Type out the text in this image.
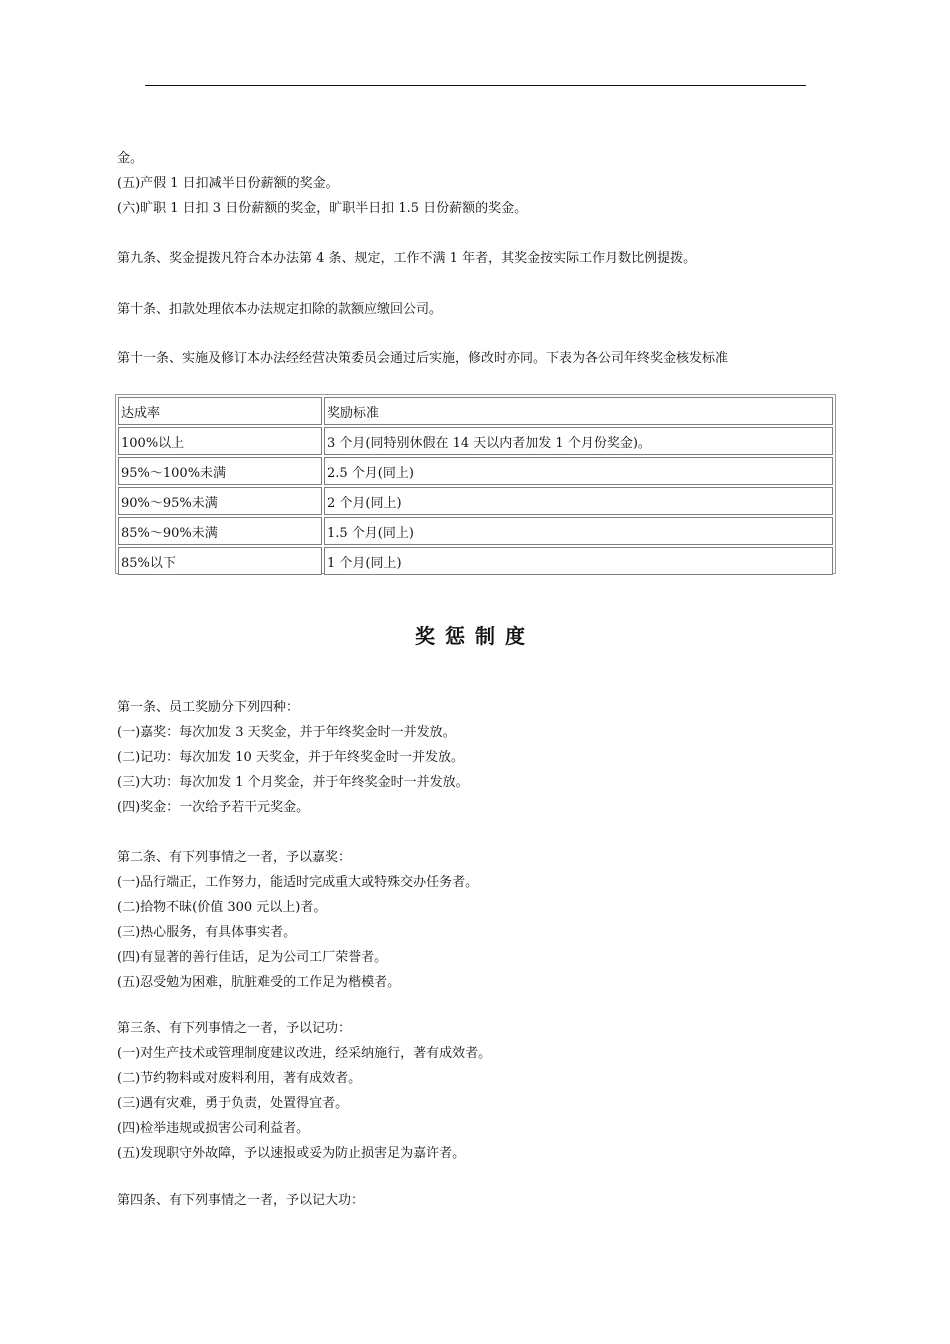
金。
(五)产假 1 日扣减半日份薪额的奖金。
(六)旷职 1 日扣 3 日份薪额的奖金，旷职半日扣 1.5 日份薪额的奖金。
第九条、奖金提拨凡符合本办法第 4 条、规定，工作不满 1 年者，其奖金按实际工作月数比例提拨。
第十条、扣款处理依本办法规定扣除的款额应缴回公司。
第十一条、实施及修订本办法经经营决策委员会通过后实施，修改时亦同。下表为各公司年终奖金核发标准
达成率	奖励标准
100%以上	3 个月(同特别休假在 14 天以内者加发 1 个月份奖金)。
95%～100%未满	2.5 个月(同上)
90%～95%未满	2 个月(同上)
85%～90%未满	1.5 个月(同上)
85%以下	1 个月(同上)
奖惩制度
第一条、员工奖励分下列四种：
(一)嘉奖：每次加发 3 天奖金，并于年终奖金时一并发放。
(二)记功：每次加发 10 天奖金，并于年终奖金时一并发放。
(三)大功：每次加发 1 个月奖金，并于年终奖金时一并发放。
(四)奖金：一次给予若干元奖金。
第二条、有下列事情之一者，予以嘉奖：
(一)品行端正，工作努力，能适时完成重大或特殊交办任务者。
(二)拾物不昧(价值 300 元以上)者。
(三)热心服务，有具体事实者。
(四)有显著的善行佳话，足为公司工厂荣誉者。
(五)忍受勉为困难，肮脏难受的工作足为楷模者。
第三条、有下列事情之一者，予以记功：
(一)对生产技术或管理制度建议改进，经采纳施行，著有成效者。
(二)节约物料或对废料利用，著有成效者。
(三)遇有灾难，勇于负责，处置得宜者。
(四)检举违规或损害公司利益者。
(五)发现职守外故障，予以速报或妥为防止损害足为嘉许者。
第四条、有下列事情之一者，予以记大功：
